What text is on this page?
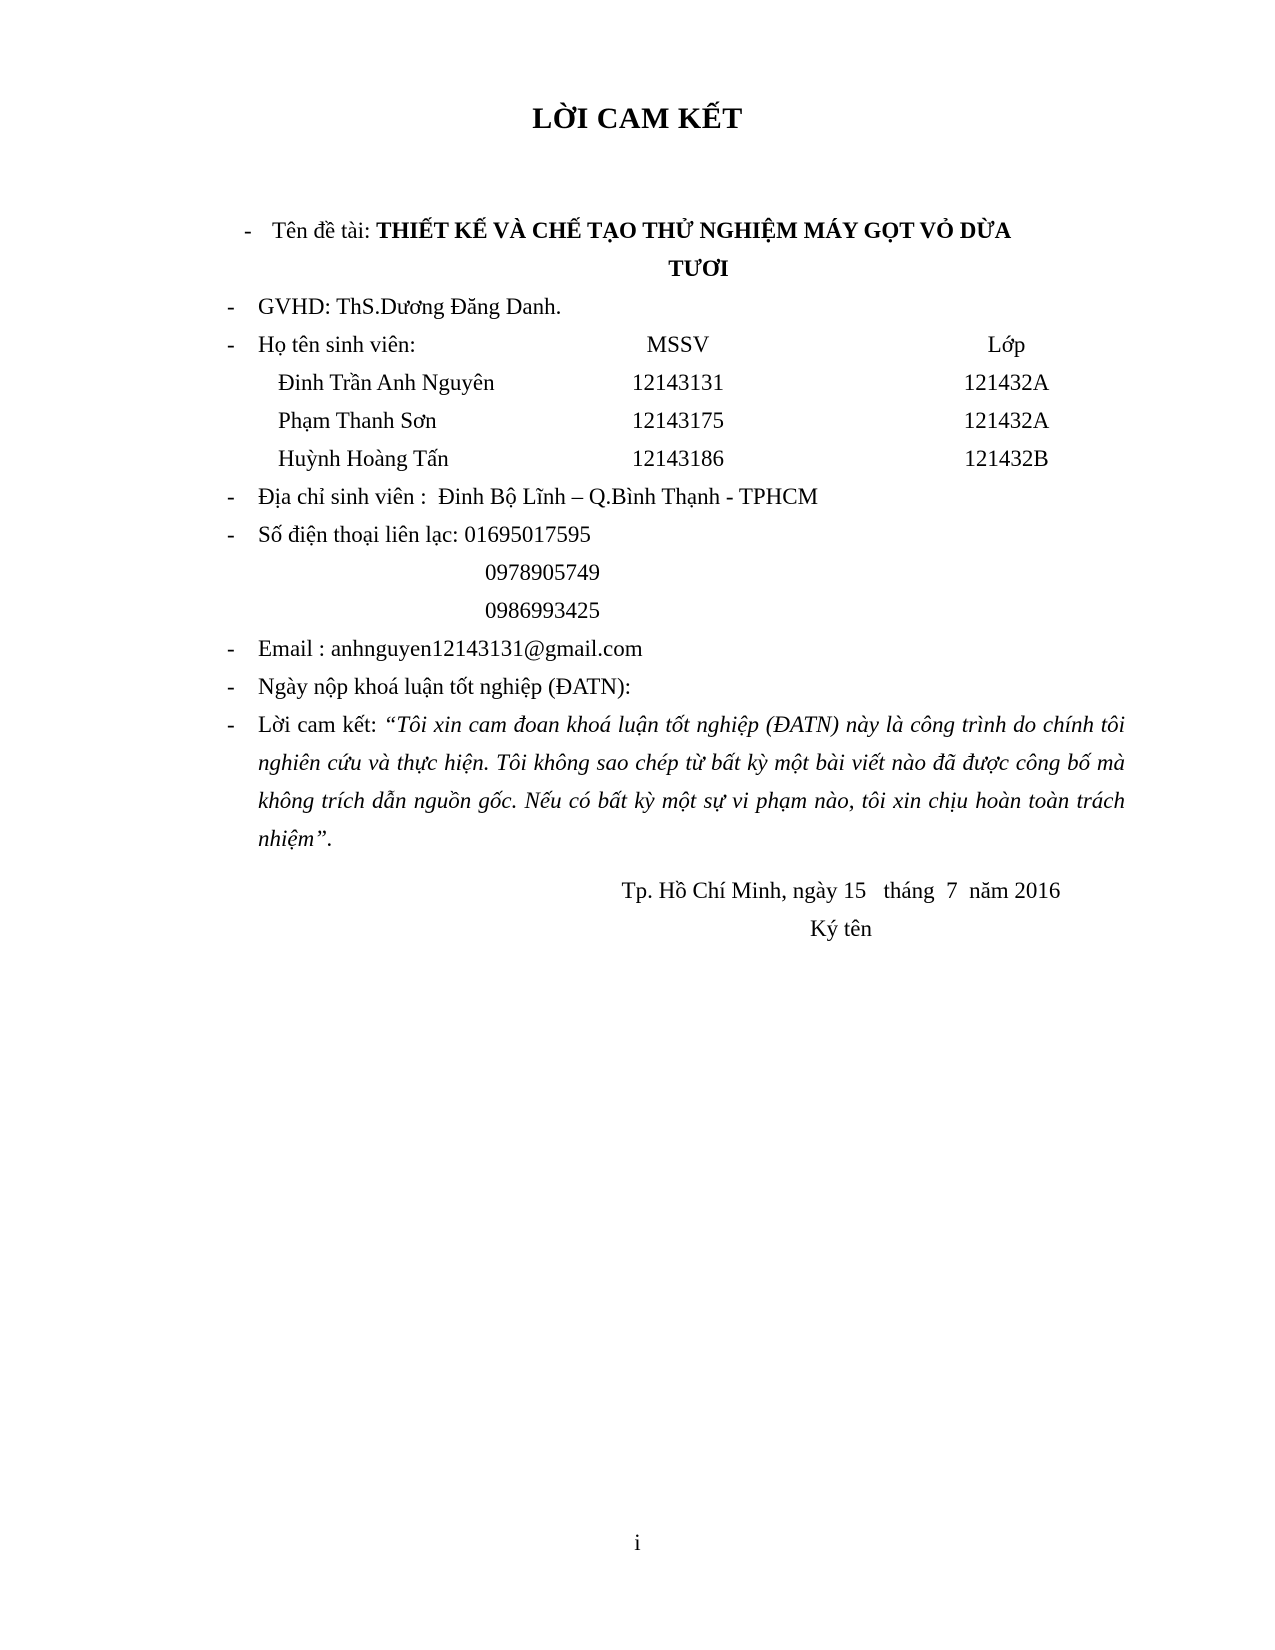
LỜI CAM KẾT
- Tên đề tài: THIẾT KẾ VÀ CHẾ TẠO THỬ NGHIỆM MÁY GỌT VỎ DỪA
TƯƠI
-	GVHD: ThS.Dương Đăng Danh.
-	Họ tên sinh viên:	MSSV	Lớp
Đinh Trần Anh Nguyên	12143131	121432A
Phạm Thanh Sơn	12143175	121432A
Huỳnh Hoàng Tấn	12143186	121432B
-	Địa chỉ sinh viên :  Đinh Bộ Lĩnh – Q.Bình Thạnh - TPHCM
-	Số điện thoại liên lạc: 01695017595
0978905749
0986993425
-	Email : anhnguyen12143131@gmail.com
-	Ngày nộp khoá luận tốt nghiệp (ĐATN):
-	Lời cam kết: “Tôi xin cam đoan khoá luận tốt nghiệp (ĐATN) này là công trình do chính tôi nghiên cứu và thực hiện. Tôi không sao chép từ bất kỳ một bài viết nào đã được công bố mà không trích dẫn nguồn gốc. Nếu có bất kỳ một sự vi phạm nào, tôi xin chịu hoàn toàn trách nhiệm”.
Tp. Hồ Chí Minh, ngày 15   tháng  7  năm 2016
Ký tên
i
